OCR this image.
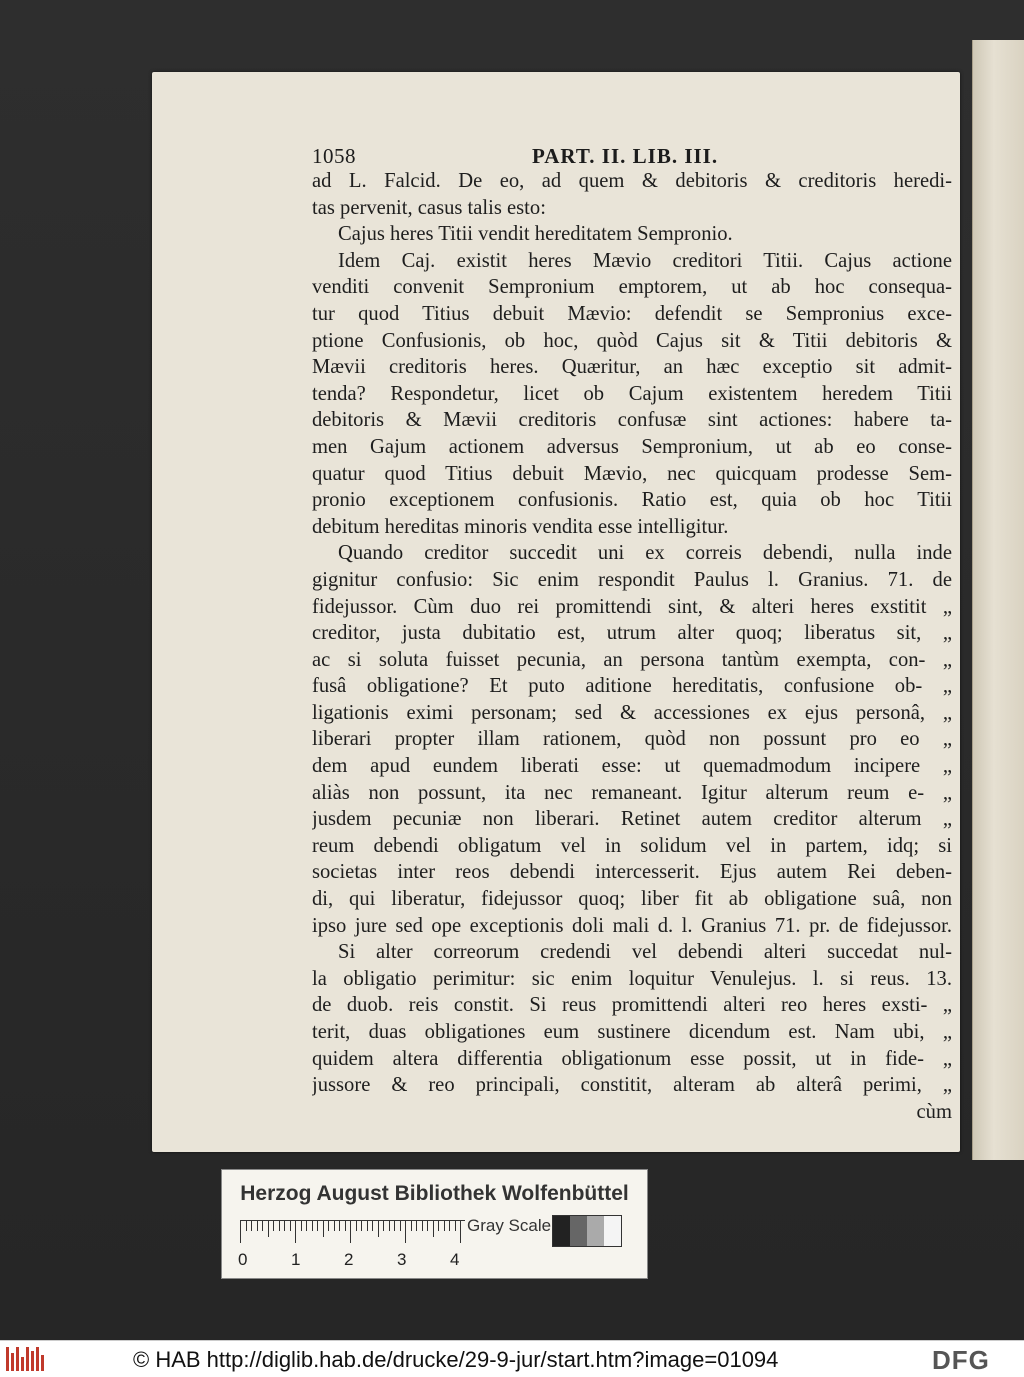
1058	PART. II. LIB. III.
ad L. Falcid. De eo, ad quem & debitoris & creditoris heredi-
tas pervenit, casus talis esto:
Cajus heres Titii vendit hereditatem Sempronio.
Idem Caj. existit heres Mævio creditori Titii. Cajus actione
venditi convenit Sempronium emptorem, ut ab hoc consequa-
tur quod Titius debuit Mævio: defendit se Sempronius exce-
ptione Confusionis, ob hoc, quòd Cajus sit & Titii debitoris &
Mævii creditoris heres. Quæritur, an hæc exceptio sit admit-
tenda? Respondetur, licet ob Cajum existentem heredem Titii
debitoris & Mævii creditoris confusæ sint actiones: habere ta-
men Gajum actionem adversus Sempronium, ut ab eo conse-
quatur quod Titius debuit Mævio, nec quicquam prodesse Sem-
pronio exceptionem confusionis. Ratio est, quia ob hoc Titii
debitum hereditas minoris vendita esse intelligitur.
Quando creditor succedit uni ex correis debendi, nulla inde
gignitur confusio: Sic enim respondit Paulus l. Granius. 71. de
fidejussor. Cùm duo rei promittendi sint, & alteri heres exstitit „
creditor, justa dubitatio est, utrum alter quoq; liberatus sit, „
ac si soluta fuisset pecunia, an persona tantùm exempta, con- „
fusâ obligatione? Et puto aditione hereditatis, confusione ob- „
ligationis eximi personam; sed & accessiones ex ejus personâ, „
liberari propter illam rationem, quòd non possunt pro eo „
dem apud eundem liberati esse: ut quemadmodum incipere „
aliàs non possunt, ita nec remaneant. Igitur alterum reum e- „
jusdem pecuniæ non liberari. Retinet autem creditor alterum „
reum debendi obligatum vel in solidum vel in partem, idq; si
societas inter reos debendi intercesserit. Ejus autem Rei deben-
di, qui liberatur, fidejussor quoq; liber fit ab obligatione suâ, non
ipso jure sed ope exceptionis doli mali d. l. Granius 71. pr. de fidejussor.
Si alter correorum credendi vel debendi alteri succedat nul-
la obligatio perimitur: sic enim loquitur Venulejus. l. si reus. 13.
de duob. reis constit. Si reus promittendi alteri reo heres exsti- „
terit, duas obligationes eum sustinere dicendum est. Nam ubi, „
quidem altera differentia obligationum esse possit, ut in fide- „
jussore & reo principali, constitit, alteram ab alterâ perimi, „
cùm
Herzog August Bibliothek Wolfenbüttel
0	1	2	3	4
Gray Scale
© HAB http://diglib.hab.de/drucke/29-9-jur/start.htm?image=01094	DFG
